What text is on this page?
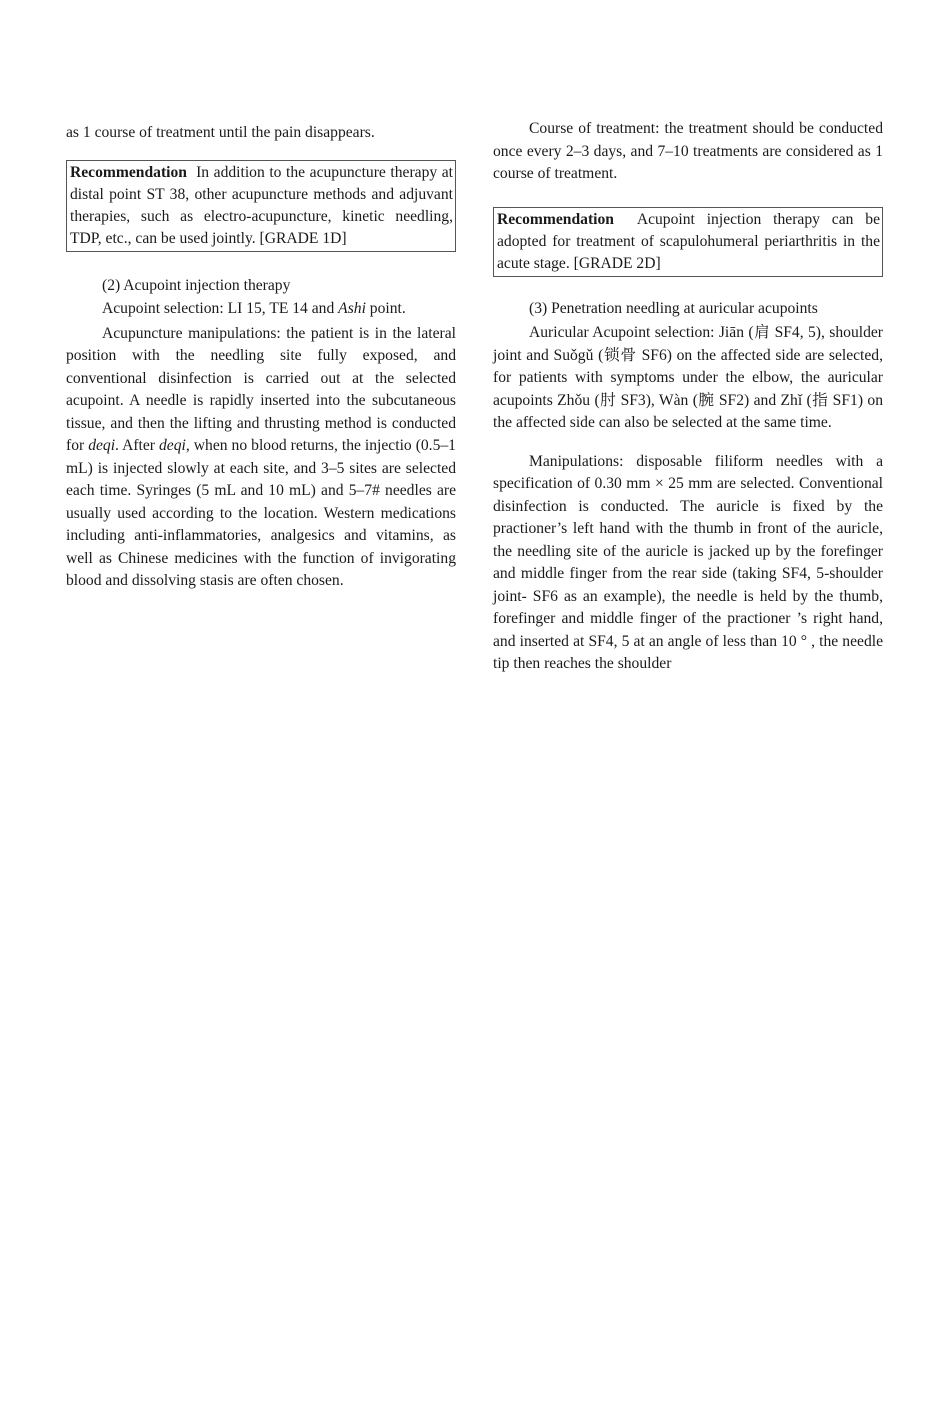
as 1 course of treatment until the pain disappears.

Recommendation In addition to the acupuncture therapy at distal point ST 38, other acupuncture methods and adjuvant therapies, such as electro-acupuncture, kinetic needling, TDP, etc., can be used jointly. [GRADE 1D]

(2) Acupoint injection therapy

Acupoint selection: LI 15, TE 14 and Ashi point.

Acupuncture manipulations: the patient is in the lateral position with the needling site fully exposed, and conventional disinfection is carried out at the selected acupoint. A needle is rapidly inserted into the subcutaneous tissue, and then the lifting and thrusting method is conducted for deqi. After deqi, when no blood returns, the injectio (0.5–1 mL) is injected slowly at each site, and 3–5 sites are selected each time. Syringes (5 mL and 10 mL) and 5–7# needles are usually used according to the location. Western medications including anti-inflammatories, analgesics and vitamins, as well as Chinese medicines with the function of invigorating blood and dissolving stasis are often chosen.

Course of treatment: the treatment should be conducted once every 2–3 days, and 7–10 treatments are considered as 1 course of treatment.

Recommendation Acupoint injection therapy can be adopted for treatment of scapulohumeral periarthritis in the acute stage. [GRADE 2D]

(3) Penetration needling at auricular acupoints

Auricular Acupoint selection: Jiān (肩 SF4, 5), shoulder joint and Suǒgǔ (锁骨 SF6) on the affected side are selected, for patients with symptoms under the elbow, the auricular acupoints Zhǒu (肘 SF3), Wàn (腕 SF2) and Zhǐ (指 SF1) on the affected side can also be selected at the same time.

Manipulations: disposable filiform needles with a specification of 0.30 mm × 25 mm are selected. Conventional disinfection is conducted. The auricle is fixed by the practioner’s left hand with the thumb in front of the auricle, the needling site of the auricle is jacked up by the forefinger and middle finger from the rear side (taking SF4, 5-shoulder joint- SF6 as an example), the needle is held by the thumb, forefinger and middle finger of the practioner ’s right hand, and inserted at SF4, 5 at an angle of less than 10 ° , the needle tip then reaches the shoulder
